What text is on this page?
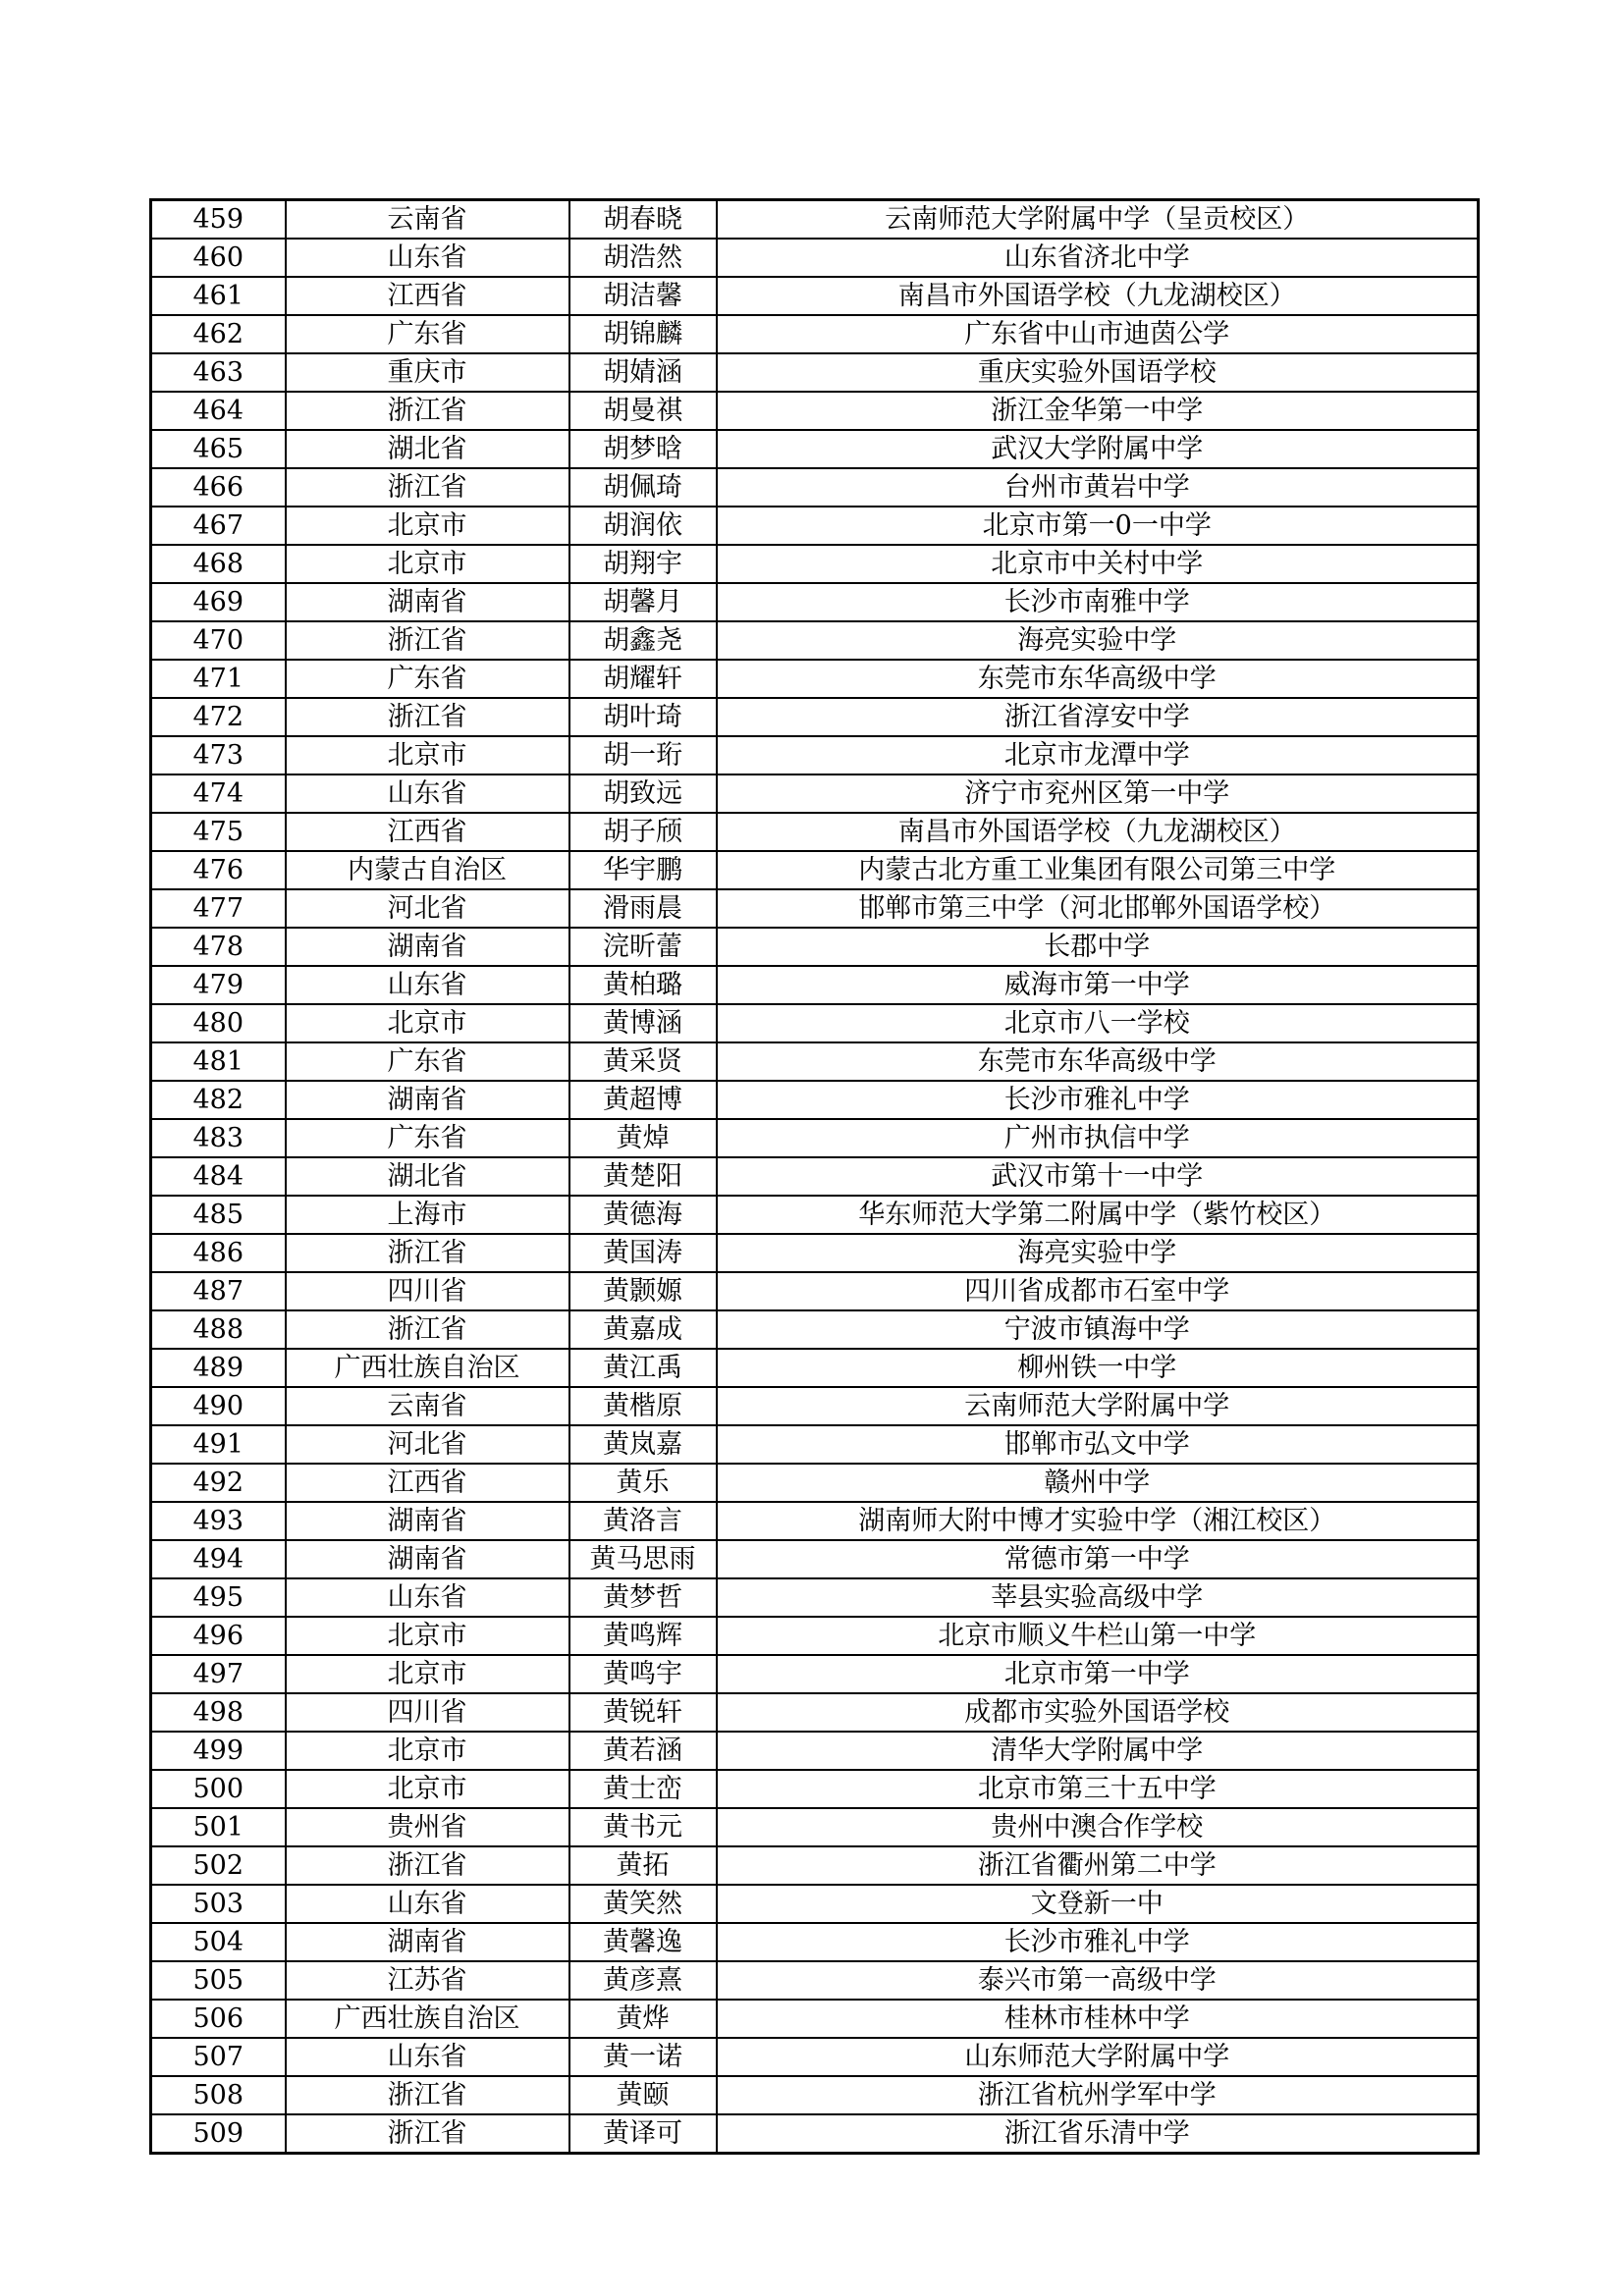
459	云南省	胡春晓	云南师范大学附属中学（呈贡校区）
460	山东省	胡浩然	山东省济北中学
461	江西省	胡洁馨	南昌市外国语学校（九龙湖校区）
462	广东省	胡锦麟	广东省中山市迪茵公学
463	重庆市	胡婧涵	重庆实验外国语学校
464	浙江省	胡曼祺	浙江金华第一中学
465	湖北省	胡梦晗	武汉大学附属中学
466	浙江省	胡佩琦	台州市黄岩中学
467	北京市	胡润依	北京市第一0一中学
468	北京市	胡翔宇	北京市中关村中学
469	湖南省	胡馨月	长沙市南雅中学
470	浙江省	胡鑫尧	海亮实验中学
471	广东省	胡耀轩	东莞市东华高级中学
472	浙江省	胡叶琦	浙江省淳安中学
473	北京市	胡一珩	北京市龙潭中学
474	山东省	胡致远	济宁市兖州区第一中学
475	江西省	胡子颀	南昌市外国语学校（九龙湖校区）
476	内蒙古自治区	华宇鹏	内蒙古北方重工业集团有限公司第三中学
477	河北省	滑雨晨	邯郸市第三中学（河北邯郸外国语学校）
478	湖南省	浣昕蕾	长郡中学
479	山东省	黄柏璐	威海市第一中学
480	北京市	黄博涵	北京市八一学校
481	广东省	黄采贤	东莞市东华高级中学
482	湖南省	黄超博	长沙市雅礼中学
483	广东省	黄焯	广州市执信中学
484	湖北省	黄楚阳	武汉市第十一中学
485	上海市	黄德海	华东师范大学第二附属中学（紫竹校区）
486	浙江省	黄国涛	海亮实验中学
487	四川省	黄颢嫄	四川省成都市石室中学
488	浙江省	黄嘉成	宁波市镇海中学
489	广西壮族自治区	黄江禹	柳州铁一中学
490	云南省	黄楷原	云南师范大学附属中学
491	河北省	黄岚嘉	邯郸市弘文中学
492	江西省	黄乐	赣州中学
493	湖南省	黄洛言	湖南师大附中博才实验中学（湘江校区）
494	湖南省	黄马思雨	常德市第一中学
495	山东省	黄梦哲	莘县实验高级中学
496	北京市	黄鸣辉	北京市顺义牛栏山第一中学
497	北京市	黄鸣宇	北京市第一中学
498	四川省	黄锐轩	成都市实验外国语学校
499	北京市	黄若涵	清华大学附属中学
500	北京市	黄士峦	北京市第三十五中学
501	贵州省	黄书元	贵州中澳合作学校
502	浙江省	黄拓	浙江省衢州第二中学
503	山东省	黄笑然	文登新一中
504	湖南省	黄馨逸	长沙市雅礼中学
505	江苏省	黄彦熹	泰兴市第一高级中学
506	广西壮族自治区	黄烨	桂林市桂林中学
507	山东省	黄一诺	山东师范大学附属中学
508	浙江省	黄颐	浙江省杭州学军中学
509	浙江省	黄译可	浙江省乐清中学
